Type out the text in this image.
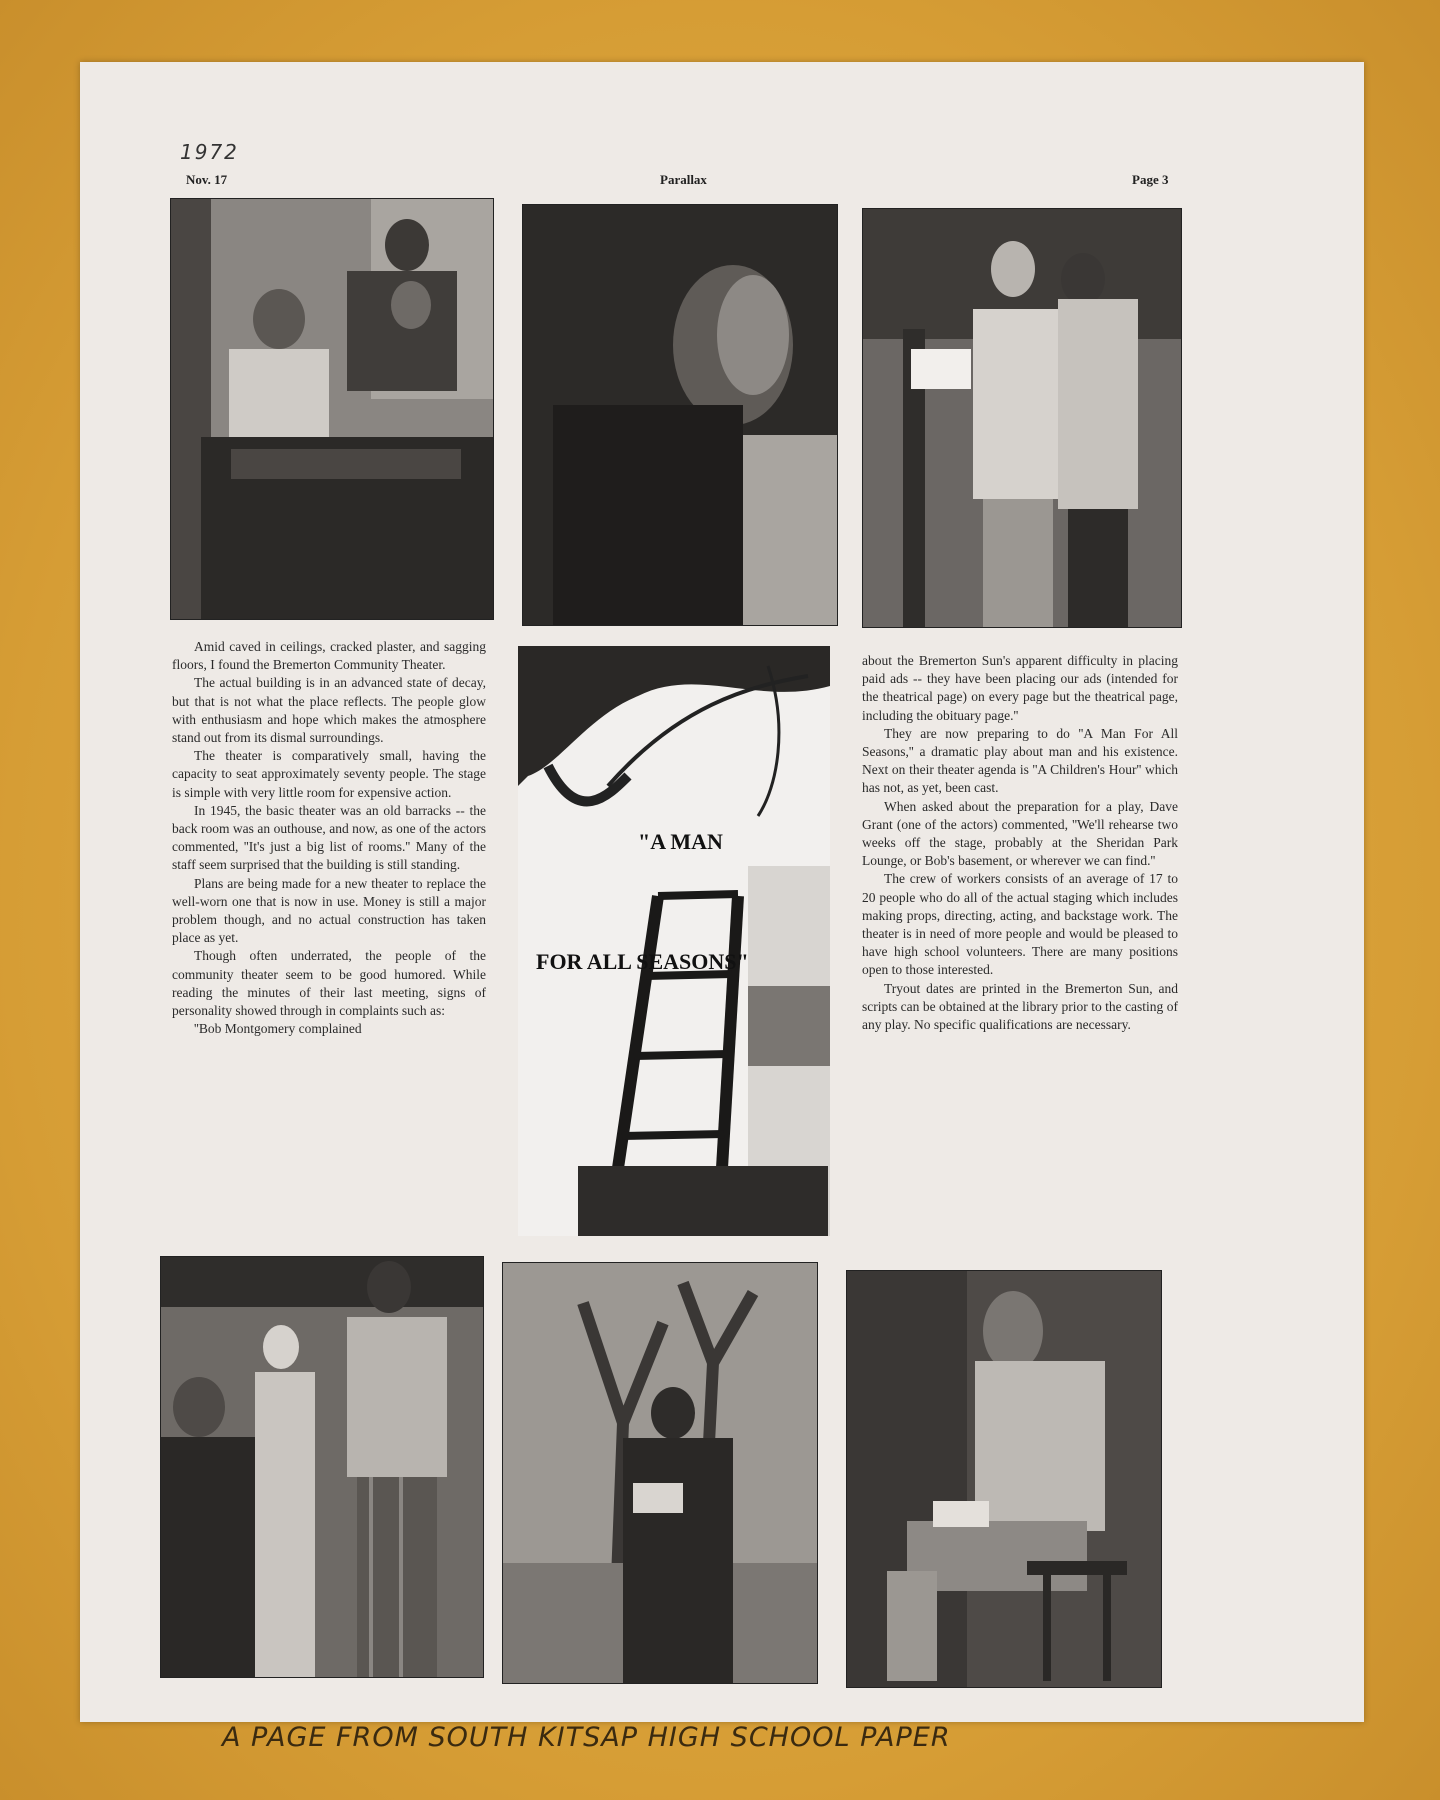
1972
Nov. 17	Parallax	Page 3

Amid caved in ceilings, cracked plaster, and sagging floors, I found the Bremerton Community Theater.

The actual building is in an advanced state of decay, but that is not what the place reflects. The people glow with enthusiasm and hope which makes the atmosphere stand out from its dismal surroundings.

The theater is comparatively small, having the capacity to seat approximately seventy people. The stage is simple with very little room for expensive action.

In 1945, the basic theater was an old barracks -- the back room was an outhouse, and now, as one of the actors commented, ''It's just a big list of rooms.'' Many of the staff seem surprised that the building is still standing.

Plans are being made for a new theater to replace the well-worn one that is now in use. Money is still a major problem though, and no actual construction has taken place as yet.

Though often underrated, the people of the community theater seem to be good humored. While reading the minutes of their last meeting, signs of personality showed through in complaints such as:

''Bob Montgomery complained

"A MAN
FOR ALL SEASONS"

about the Bremerton Sun's apparent difficulty in placing paid ads -- they have been placing our ads (intended for the theatrical page) on every page but the theatrical page, including the obituary page.''

They are now preparing to do ''A Man For All Seasons,'' a dramatic play about man and his existence. Next on their theater agenda is ''A Children's Hour'' which has not, as yet, been cast.

When asked about the preparation for a play, Dave Grant (one of the actors) commented, ''We'll rehearse two weeks off the stage, probably at the Sheridan Park Lounge, or Bob's basement, or wherever we can find.''

The crew of workers consists of an average of 17 to 20 people who do all of the actual staging which includes making props, directing, acting, and backstage work. The theater is in need of more people and would be pleased to have high school volunteers. There are many positions open to those interested.

Tryout dates are printed in the Bremerton Sun, and scripts can be obtained at the library prior to the casting of any play. No specific qualifications are necessary.

A PAGE FROM SOUTH KITSAP HIGH SCHOOL PAPER
